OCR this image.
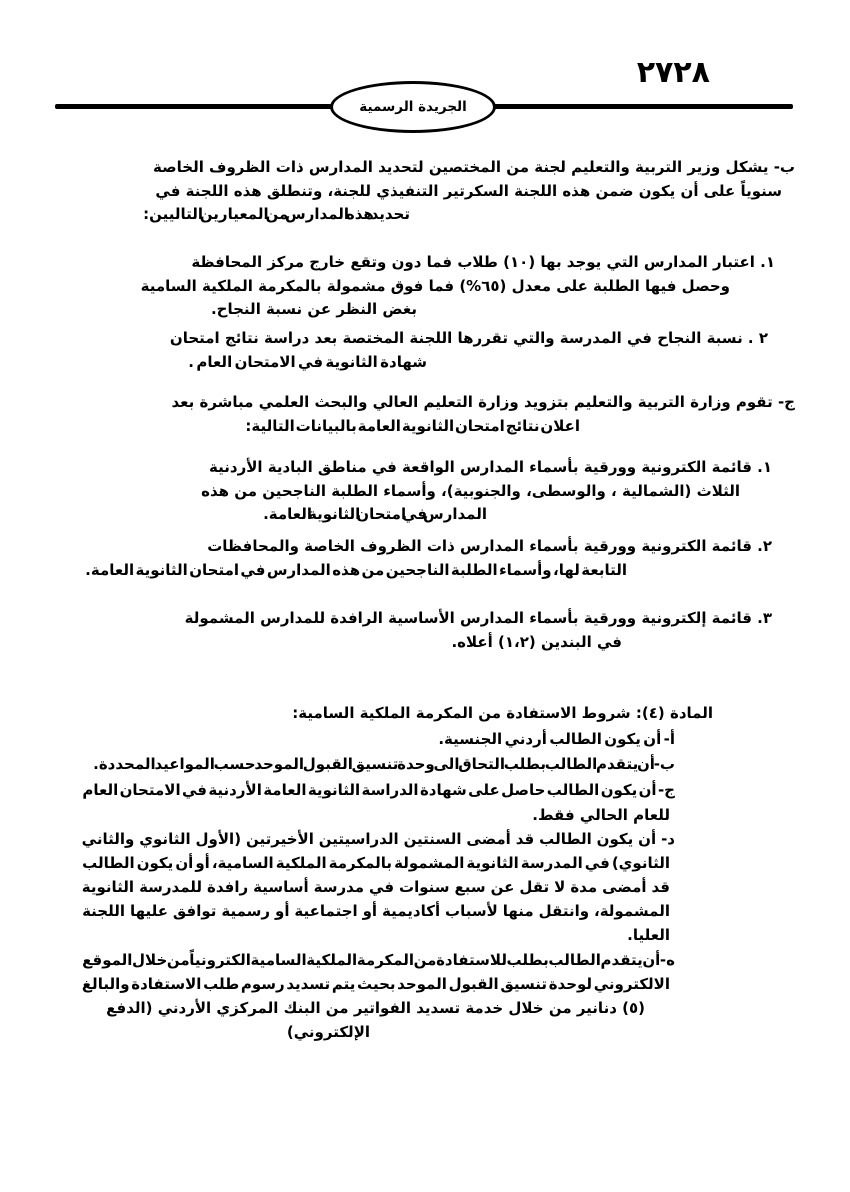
٢٧٢٨
الجريدة الرسمية
ب- يشكل وزير التربية والتعليم لجنة من المختصين لتحديد المدارس ذات الظروف الخاصة
سنوياً على أن يكون ضمن هذه اللجنة السكرتير التنفيذي للجنة، وتنطلق هذه اللجنة في
تحديد هذه المدارس من المعيارين التاليين:
١. اعتبار المدارس التي يوجد بها (١٠) طلاب فما دون وتقع خارج مركز المحافظة
وحصل فيها الطلبة على معدل (٦٥%) فما فوق مشمولة بالمكرمة الملكية السامية
بغض النظر عن نسبة النجاح.
٢ . نسبة النجاح في المدرسة والتي تقررها اللجنة المختصة بعد دراسة نتائج امتحان
شهادة الثانوية في الامتحان العام .
ج- تقوم وزارة التربية والتعليم بتزويد وزارة التعليم العالي والبحث العلمي مباشرة بعد
اعلان نتائج امتحان الثانوية العامة بالبيانات التالية:
١. قائمة الكترونية وورقية بأسماء المدارس الواقعة في مناطق البادية الأردنية
الثلاث (الشمالية ، والوسطى، والجنوبية)، وأسماء الطلبة الناجحين من هذه
المدارس في امتحان الثانوية العامة.
٢. قائمة الكترونية وورقية بأسماء المدارس ذات الظروف الخاصة والمحافظات
التابعة لها، وأسماء الطلبة الناجحين من هذه المدارس في امتحان الثانوية العامة.
٣. قائمة إلكترونية وورقية بأسماء المدارس الأساسية الرافدة للمدارس المشمولة
في البندين (١،٢) أعلاه.
المادة (٤): شروط الاستفادة من المكرمة الملكية السامية:
أ- أن يكون الطالب أردني الجنسية.
ب- أن يتقدم الطالب بطلب التحاق الى وحدة تنسيق القبول الموحد حسب المواعيد المحددة.
ج- أن يكون الطالب حاصل على شهادة الدراسة الثانوية العامة الأردنية في الامتحان العام
للعام الحالي فقط.
د- أن يكون الطالب قد أمضى السنتين الدراسيتين الأخيرتين (الأول الثانوي والثاني
الثانوي) في المدرسة الثانوية المشمولة بالمكرمة الملكية السامية، أو أن يكون الطالب
قد أمضى مدة لا تقل عن سبع سنوات في مدرسة أساسية رافدة للمدرسة الثانوية
المشمولة، وانتقل منها لأسباب أكاديمية أو اجتماعية أو رسمية توافق عليها اللجنة
العليا.
ه- أن يتقدم الطالب بطلب للاستفادة من المكرمة الملكية السامية الكترونياً من خلال الموقع
الالكتروني لوحدة تنسيق القبول الموحد بحيث يتم تسديد رسوم طلب الاستفادة والبالغ
(٥) دنانير من خلال خدمة تسديد الفواتير من البنك المركزي الأردني (الدفع
الإلكتروني)
